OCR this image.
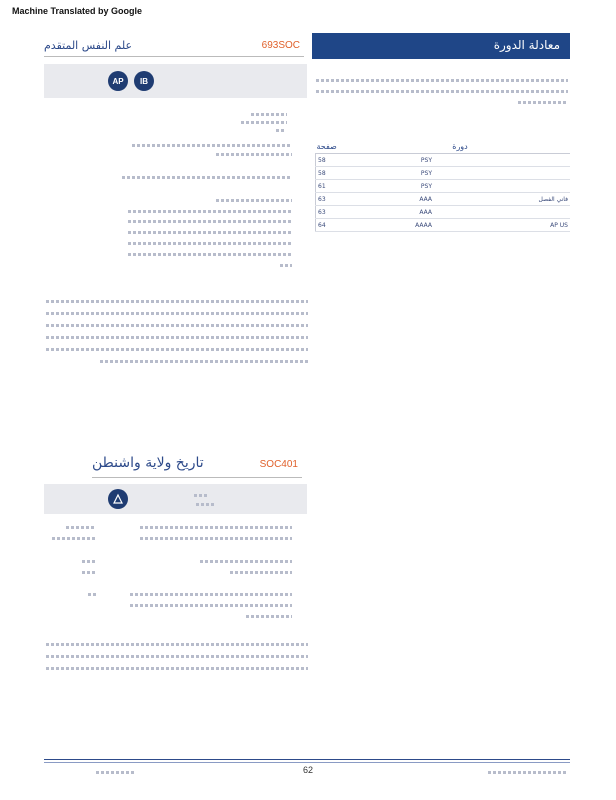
Machine Translated by Google
علم النفس المتقدم	693SOC
AP	IB
معادلة الدورة
صفحة	دورة	
58	PSY	
58	PSY	
61	PSY	
63	AAA	فاني الفصل
63	AAA	
64	AAAA	AP US
تاريخ ولاية واشنطن	SOC401
62
